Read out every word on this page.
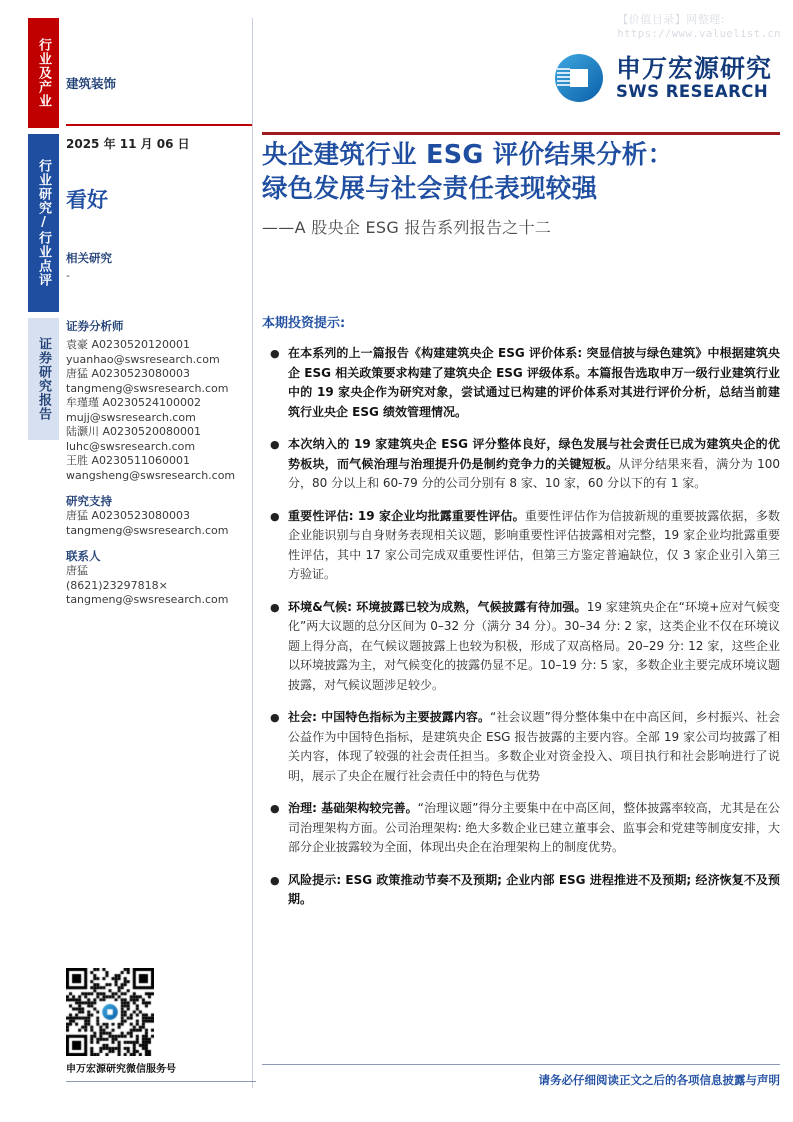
【价值目录】网整理:
https://www.valuelist.cn
行业及产业
行业研究/行业点评
证券研究报告
建筑装饰
2025 年 11 月 06 日
看好
相关研究
-
证券分析师
袁豪 A0230520120001
yuanhao@swsresearch.com
唐猛 A0230523080003
tangmeng@swsresearch.com
牟瑾瑾 A0230524100002
mujj@swsresearch.com
陆灏川 A0230520080001
luhc@swsresearch.com
王胜 A0230511060001
wangsheng@swsresearch.com
研究支持
唐猛 A0230523080003
tangmeng@swsresearch.com
联系人
唐猛
(8621)23297818×
tangmeng@swsresearch.com
申万宏源研究微信服务号
申万宏源研究
SWS RESEARCH
央企建筑行业 ESG 评价结果分析：
绿色发展与社会责任表现较强
——A 股央企 ESG 报告系列报告之十二
本期投资提示:
● 在本系列的上一篇报告《构建建筑央企 ESG 评价体系: 突显信披与绿色建筑》中根据建筑央企 ESG 相关政策要求构建了建筑央企 ESG 评级体系。本篇报告选取申万一级行业建筑行业中的 19 家央企作为研究对象，尝试通过已构建的评价体系对其进行评价分析，总结当前建筑行业央企 ESG 绩效管理情况。
● 本次纳入的 19 家建筑央企 ESG 评分整体良好，绿色发展与社会责任已成为建筑央企的优势板块，而气候治理与治理提升仍是制约竞争力的关键短板。从评分结果来看，满分为 100 分，80 分以上和 60-79 分的公司分别有 8 家、10 家，60 分以下的有 1 家。
● 重要性评估: 19 家企业均批露重要性评估。重要性评估作为信披新规的重要披露依据，多数企业能识别与自身财务表现相关议题，影响重要性评估披露相对完整，19 家企业均批露重要性评估，其中 17 家公司完成双重要性评估，但第三方鉴定普遍缺位，仅 3 家企业引入第三方验证。
● 环境&气候: 环境披露已较为成熟，气候披露有待加强。19 家建筑央企在“环境+应对气候变化”两大议题的总分区间为 0–32 分（满分 34 分）。30–34 分: 2 家，这类企业不仅在环境议题上得分高，在气候议题披露上也较为积极，形成了双高格局。20–29 分: 12 家，这些企业以环境披露为主，对气候变化的披露仍显不足。10–19 分: 5 家，多数企业主要完成环境议题披露，对气候议题涉足较少。
● 社会: 中国特色指标为主要披露内容。“社会议题”得分整体集中在中高区间，乡村振兴、社会公益作为中国特色指标，是建筑央企 ESG 报告披露的主要内容。全部 19 家公司均披露了相关内容，体现了较强的社会责任担当。多数企业对资金投入、项目执行和社会影响进行了说明，展示了央企在履行社会责任中的特色与优势
● 治理: 基础架构较完善。“治理议题”得分主要集中在中高区间，整体披露率较高，尤其是在公司治理架构方面。公司治理架构: 绝大多数企业已建立董事会、监事会和党建等制度安排，大部分企业披露较为全面，体现出央企在治理架构上的制度优势。
● 风险提示: ESG 政策推动节奏不及预期; 企业内部 ESG 进程推进不及预期; 经济恢复不及预期。
请务必仔细阅读正文之后的各项信息披露与声明
